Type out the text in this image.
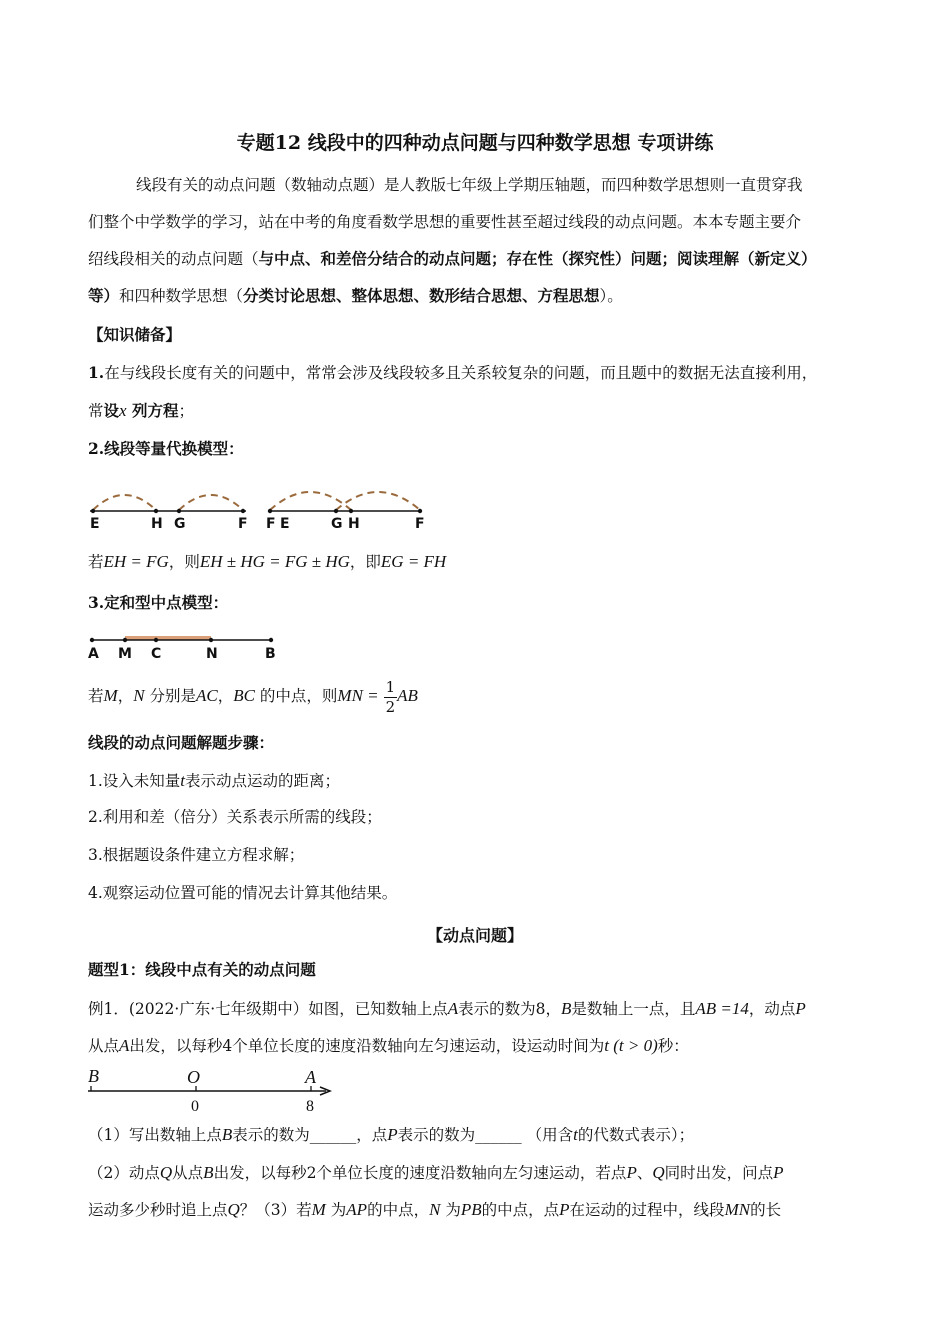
专题12 线段中的四种动点问题与四种数学思想 专项讲练
线段有关的动点问题（数轴动点题）是人教版七年级上学期压轴题，而四种数学思想则一直贯穿我
们整个中学数学的学习，站在中考的角度看数学思想的重要性甚至超过线段的动点问题。本本专题主要介
绍线段相关的动点问题（与中点、和差倍分结合的动点问题；存在性（探究性）问题；阅读理解（新定义）
等）和四种数学思想（分类讨论思想、整体思想、数形结合思想、方程思想）。
【知识储备】
1.在与线段长度有关的问题中，常常会涉及线段较多且关系较复杂的问题，而且题中的数据无法直接利用，
常设x 列方程；
2.线段等量代换模型：
E	H G	F F E	G H	F
若EH = FG，则EH ± HG = FG ± HG，即EG = FH
3.定和型中点模型：
A M C	N	B
若M，N 分别是AC，BC 的中点，则MN = $\frac{1}{2}$ AB
线段的动点问题解题步骤：
1.设入未知量t表示动点运动的距离；
2.利用和差（倍分）关系表示所需的线段；
3.根据题设条件建立方程求解；
4.观察运动位置可能的情况去计算其他结果。
【动点问题】
题型1：线段中点有关的动点问题
例1．(2022·广东·七年级期中）如图，已知数轴上点A表示的数为8，B是数轴上一点，且AB =14，动点P
从点A出发，以每秒4个单位长度的速度沿数轴向左匀速运动，设运动时间为t (t > 0)秒：
B	O	A
0	8
（1）写出数轴上点B表示的数为______，点P表示的数为______ （用含t的代数式表示）；
（2）动点Q从点B出发，以每秒2个单位长度的速度沿数轴向左匀速运动，若点P、Q同时出发，问点P
运动多少秒时追上点Q？（3）若M 为AP的中点，N 为PB的中点，点P在运动的过程中，线段MN的长
